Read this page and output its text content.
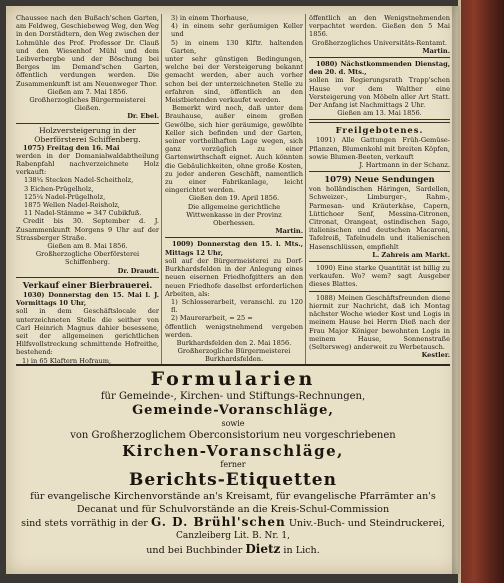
Chaussee nach den Bußach'schen Garten, am Feldweg, Geschiebeweg Weg, den Weg in den Dorstädtern, den Weg zwischen der Lohmühle des Prof. Professor Dr. Clauß und den Wiesenhof Mühl und dem Leibverbergbe und der Böschung bei Berges im Demand'schen Garten, öffentlich verdungen werden. Die Zusammenkunft ist am Neuenweger Thor.

Gießen am 7. Mai 1856.

Großherzogliches Bürgermeisterei Gießen.

Dr. Ebel.

Holzversteigerung in der Oberförsterei Schiffenberg.

1075) Freitag den 16. Mai

werden in der Domanialwaldabtheilung Rabenpfahl nachverzeichnete Holz verkauft:

138¼ Stecken Nadel-Scheitholz,

3 Eichen-Prügelholz,

125¼ Nadel-Prügelholz,

1875 Wellen Nadel-Reisholz,

11 Nadel-Stämme = 347 Cubikfuß.

Credit bis 30. September d. J. Zusammenkunft Morgens 9 Uhr auf der Strassberger Straße.

Gießen am 8. Mai 1856.

Großherzogliche Oberförsterei Schiffenberg.

Dr. Draudt.

Verkauf einer Bierbrauerei.

1030) Donnerstag den 15. Mai l. J. Vormittags 10 Uhr,

soll in dem Geschäftslocale der unterzeichneten Stelle die seither von Carl Heinrich Magnus dahier besessene, seit der allgemeinen gerichtlichen Hilfsvollstreckung schmittende Hofreithe, bestehend:

1) in 65 Klaftern Hofraum,

3) in einem Thorhause,

4) in einem sehr geräumigen Keller und

5) in einem 130 Klftr. haltenden Garten,

unter sehr günstigen Bedingungen, welche bei der Versteigerung bekannt gemacht werden, aber auch vorher schon bei der unterzeichneten Stelle zu erfahren sind, öffentlich an den Meistbietenden verkaufet werden.

Bemerkt wird noch, daß unter dem Brauhause, außer einem großen Gewölbe, sich hier geräumige, gewölbte Keller sich befinden und der Garten, seiner vortheilhaften Lage wegen, sich ganz vorzüglich zu einer Gartenwirthschaft eignet. Auch könnten die Gebäulichkeiten, ohne große Kosten, zu jeder anderen Geschäft, namentlich zu einer Fabrikanlage, leicht eingerichtet werden.

Gießen den 19. April 1856.

Die allgemeine gerichtliche Wittwenkasse in der Provinz Oberhessen.

Martin.

1009) Donnerstag den 15. l. Mts., Mittags 12 Uhr,

soll auf der Bürgermeisterei zu Dorf-Burkhardsfelden in der Anlegung eines neuen eisernen Friedhofgitters an den neuen Friedhofe daselbst erforderlichen Arbeiten, als:

1) Schlosserarbeit, veranschl. zu 120 fl.

2) Maurerarbeit, = 25 =

öffentlich wenigstnehmend vergeben werden.

Burkhardsfelden den 2. Mai 1856.

Großherzogliche Bürgermeisterei Burkhardsfelden.

öffentlich an den Wenigstnehmenden verpachtet werden. Gießen den 5 Mai 1856.

Großherzogliches Universitäts-Rentamt.

Martin.

1080) Nächstkommenden Dienstag, den 20. d. Mts.,

sollen im Regierungsrath Trapp'schen Hause vor dem Walther eine Versteigerung von Möbeln aller Art Statt. Der Anfang ist Nachmittags 2 Uhr.

Gießen am 13. Mai 1856.

Freilgebotenes.

1091) Alle Gattungen Früh-Gemüse-Pflanzen, Blumenkohl mit breiten Köpfen, sowie Blumen-Beeten, verkauft

J. Hartmann in der Schanz.

1079) Neue Sendungen

von holländischen Häringen, Sardellen, Schweizer-, Limburger-, Rahm-, Parmesan- und Kräuterkäse, Capern, Lüttichoer Senf, Messina-Citronen, Citronat, Orangeat, ostindischen Sago, italienischen und deutschen Macaroni, Tafelreiß, Tafelnudeln und italienischen Hasenschlüssen, empfiehlt

L. Zahreis am Markt.

1090) Eine starke Quantität ist billig zu verkaufen. Wo? wem? sagt Ausgeber dieses Blattes.

1088) Meinen Geschäftsfreunden diene hiermit zur Nachricht, daß ich Montag nächster Woche wieder Kost und Logis in meinem Hause bei Herrn Dieß nach der Frau Major Königer bewohnten Logis in meinem Hause, Sonnenstraße (Seltersweg) anderweit zu Werbetausch.

Kestler.

Formularien
für Gemeinde-, Kirchen- und Stiftungs-Rechnungen,
Gemeinde-Voranschläge,
sowie
von Großherzoglichem Oberconsistorium neu vorgeschriebenen
Kirchen-Voranschläge,
ferner
Berichts-Etiquetten
für evangelische Kirchenvorstände an's Kreisamt, für evangelische Pfarrämter an's
Decanat und für Schulvorstände an die Kreis-Schul-Commission
sind stets vorräthig in der G. D. Brühl'schen Univ.-Buch- und Steindruckerei,
Canzleiberg Lit. B. Nr. 1,
und bei Buchbinder Dietz in Lich.
